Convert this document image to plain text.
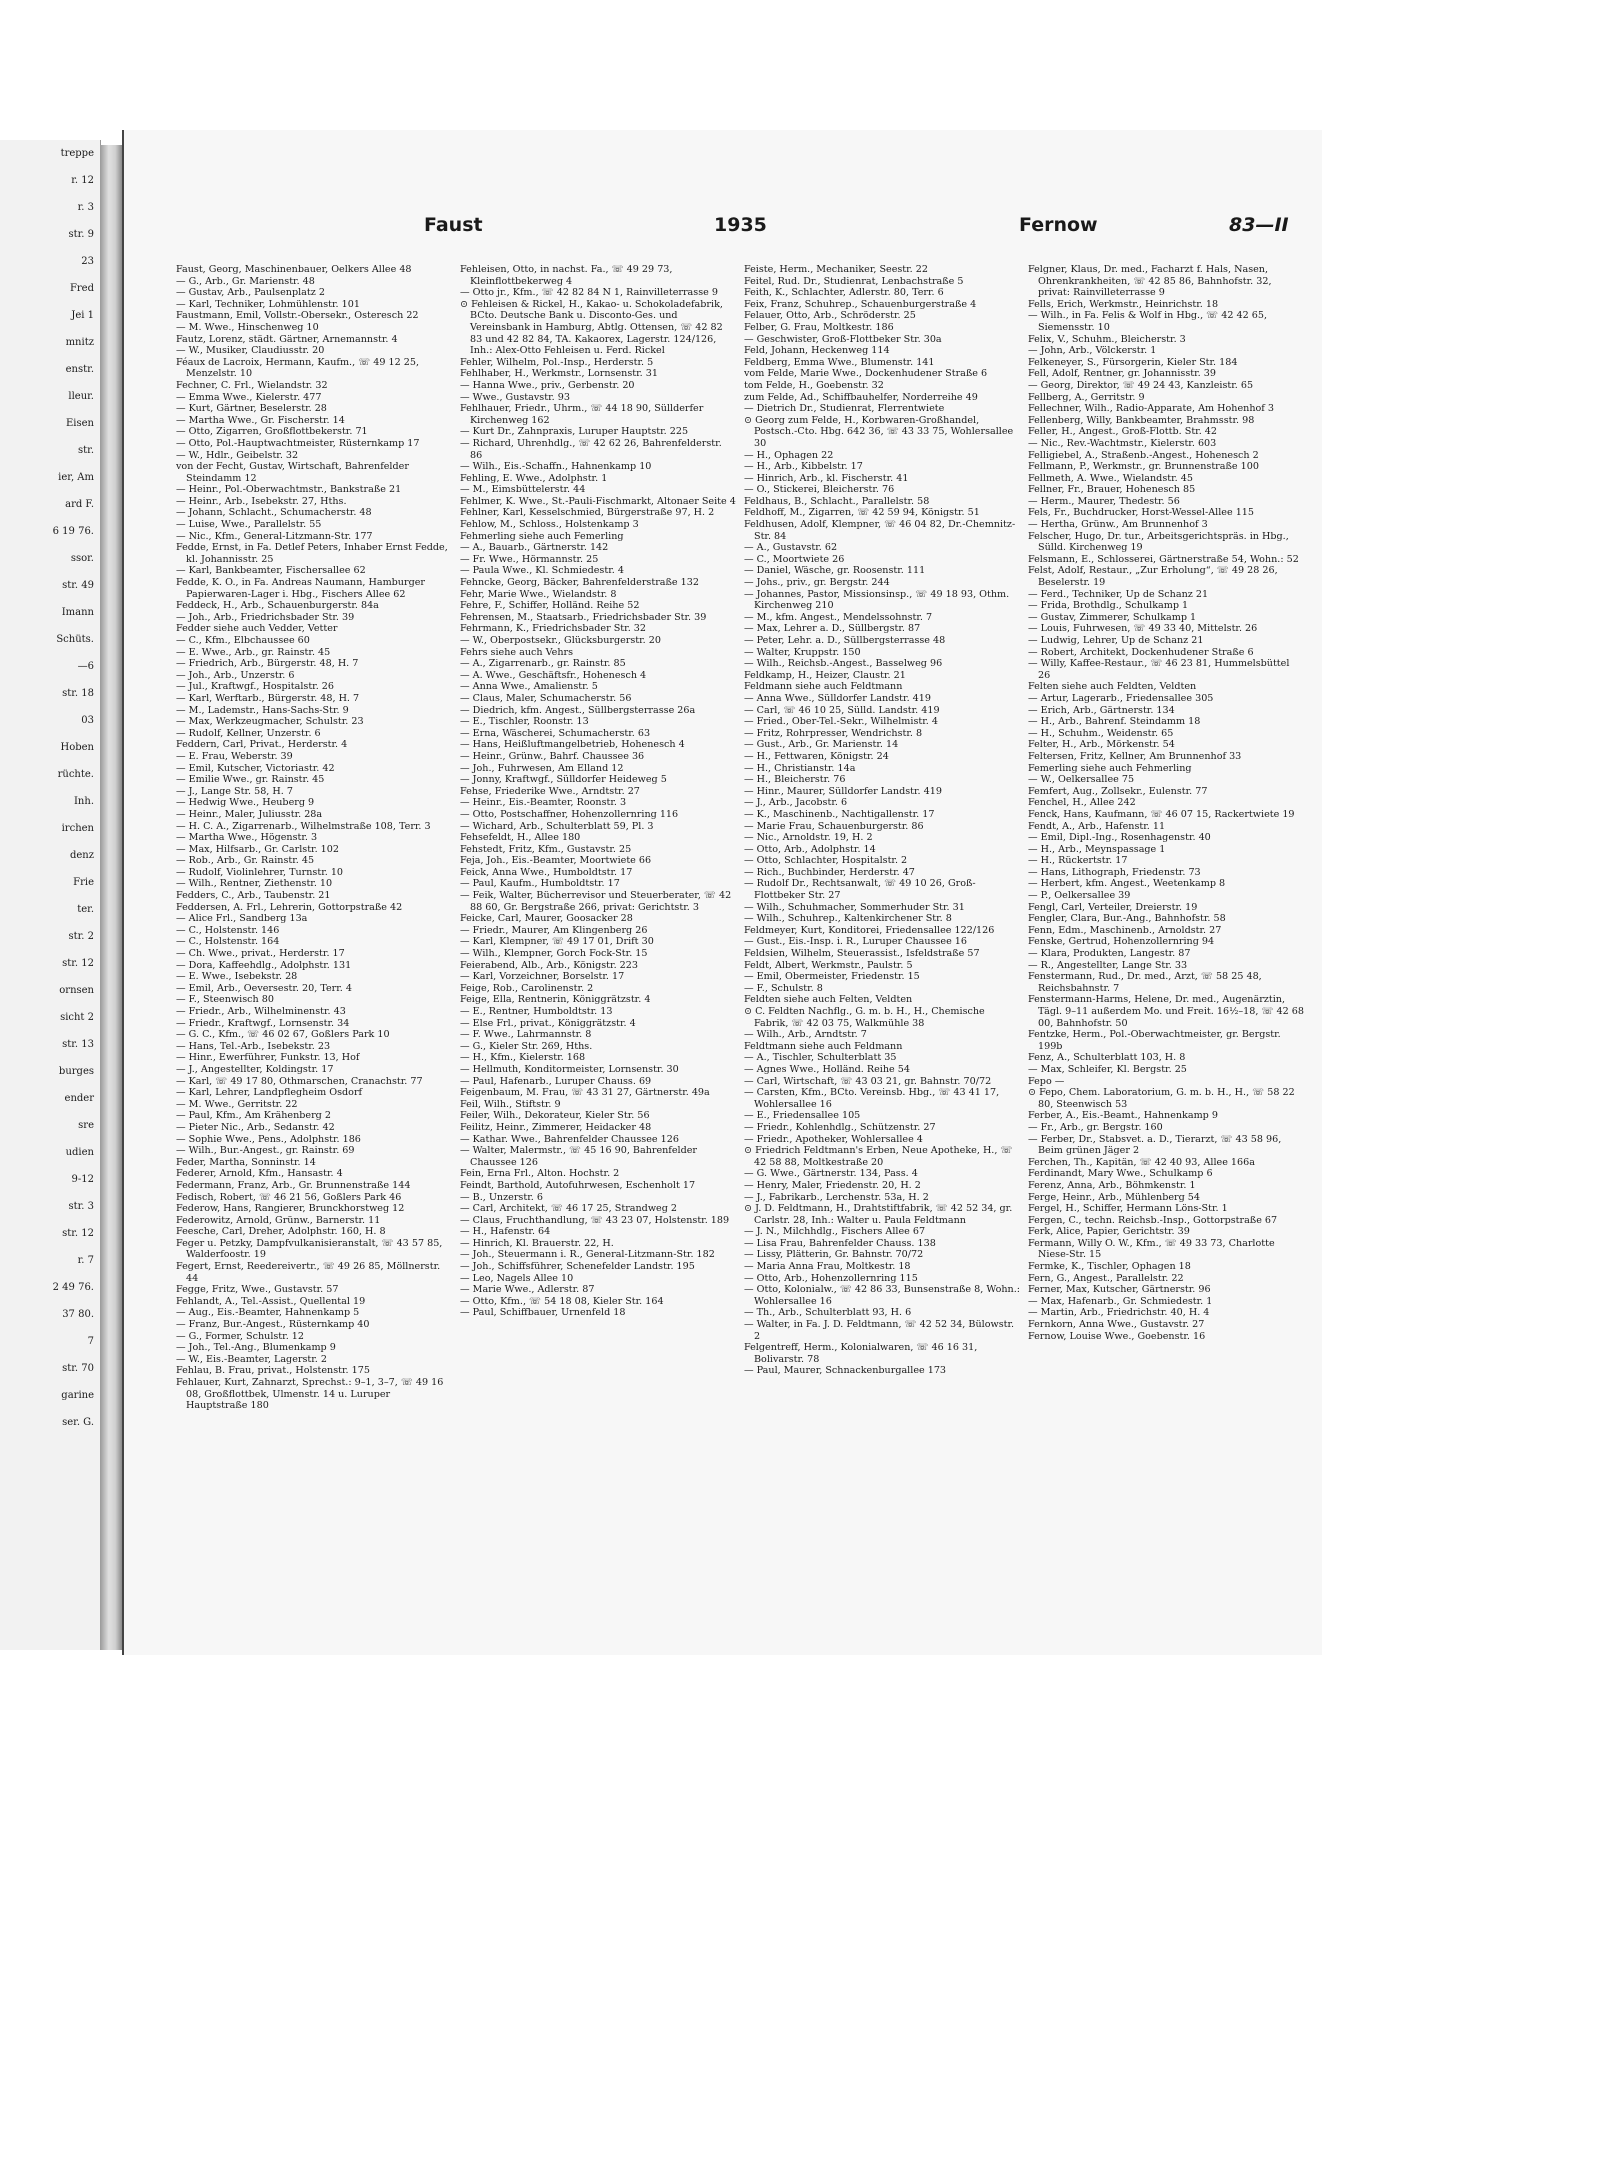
treppe
r. 12
r. 3
str. 9
23
Fred
Jei 1
mnitz
enstr.
lleur.
Eisen
str.
ier, Am
ard F.
6 19 76.
ssor.
str. 49
Imann
Schüts.
—6
str. 18
03
Hoben
rüchte.
Inh.
irchen
denz
Frie
ter.
str. 2
str. 12
ornsen
sicht 2
str. 13
burges
ender
sre
udien
9-12
str. 3
str. 12
r. 7
2 49 76.
37 80.
7
str. 70
garine
ser. G.
Faust	1935	Fernow	83—II

Faust, Georg, Maschinenbauer, Oelkers Allee 48

— G., Arb., Gr. Marienstr. 48

— Gustav, Arb., Paulsenplatz 2

— Karl, Techniker, Lohmühlenstr. 101

Faustmann, Emil, Vollstr.-Obersekr., Osteresch 22

— M. Wwe., Hinschenweg 10

Fautz, Lorenz, städt. Gärtner, Arnemannstr. 4

— W., Musiker, Claudiusstr. 20

Féaux de Lacroix, Hermann, Kaufm., ☏ 49 12 25, Menzelstr. 10

Fechner, C. Frl., Wielandstr. 32

— Emma Wwe., Kielerstr. 477

— Kurt, Gärtner, Beselerstr. 28

— Martha Wwe., Gr. Fischerstr. 14

— Otto, Zigarren, Großflottbekerstr. 71

— Otto, Pol.-Hauptwachtmeister, Rüsternkamp 17

— W., Hdlr., Geibelstr. 32

von der Fecht, Gustav, Wirtschaft, Bahrenfelder Steindamm 12

— Heinr., Pol.-Oberwachtmstr., Bankstraße 21

— Heinr., Arb., Isebekstr. 27, Hths.

— Johann, Schlacht., Schumacherstr. 48

— Luise, Wwe., Parallelstr. 55

— Nic., Kfm., General-Litzmann-Str. 177

Fedde, Ernst, in Fa. Detlef Peters, Inhaber Ernst Fedde, kl. Johannisstr. 25

— Karl, Bankbeamter, Fischersallee 62

Fedde, K. O., in Fa. Andreas Naumann, Hamburger Papierwaren-Lager i. Hbg., Fischers Allee 62

Feddeck, H., Arb., Schauenburgerstr. 84a

— Joh., Arb., Friedrichsbader Str. 39

Fedder siehe auch Vedder, Vetter

— C., Kfm., Elbchaussee 60

— E. Wwe., Arb., gr. Rainstr. 45

— Friedrich, Arb., Bürgerstr. 48, H. 7

— Joh., Arb., Unzerstr. 6

— Jul., Kraftwgf., Hospitalstr. 26

— Karl, Werftarb., Bürgerstr. 48, H. 7

— M., Lademstr., Hans-Sachs-Str. 9

— Max, Werkzeugmacher, Schulstr. 23

— Rudolf, Kellner, Unzerstr. 6

Feddern, Carl, Privat., Herderstr. 4

— E. Frau, Weberstr. 39

— Emil, Kutscher, Victoriastr. 42

— Emilie Wwe., gr. Rainstr. 45

— J., Lange Str. 58, H. 7

— Hedwig Wwe., Heuberg 9

— Heinr., Maler, Juliusstr. 28a

— H. C. A., Zigarrenarb., Wilhelmstraße 108, Terr. 3

— Martha Wwe., Högenstr. 3

— Max, Hilfsarb., Gr. Carlstr. 102

— Rob., Arb., Gr. Rainstr. 45

— Rudolf, Violinlehrer, Turnstr. 10

— Wilh., Rentner, Ziethenstr. 10

Fedders, C., Arb., Taubenstr. 21

Feddersen, A. Frl., Lehrerin, Gottorpstraße 42

— Alice Frl., Sandberg 13a

— C., Holstenstr. 146

— C., Holstenstr. 164

— Ch. Wwe., privat., Herderstr. 17

— Dora, Kaffeehdlg., Adolphstr. 131

— E. Wwe., Isebekstr. 28

— Emil, Arb., Oeversestr. 20, Terr. 4

— F., Steenwisch 80

— Friedr., Arb., Wilhelminenstr. 43

— Friedr., Kraftwgf., Lornsenstr. 34

— G. C., Kfm., ☏ 46 02 67, Goßlers Park 10

— Hans, Tel.-Arb., Isebekstr. 23

— Hinr., Ewerführer, Funkstr. 13, Hof

— J., Angestellter, Koldingstr. 17

— Karl, ☏ 49 17 80, Othmarschen, Cranachstr. 77

— Karl, Lehrer, Landpflegheim Osdorf

— M. Wwe., Gerritstr. 22

— Paul, Kfm., Am Krähenberg 2

— Pieter Nic., Arb., Sedanstr. 42

— Sophie Wwe., Pens., Adolphstr. 186

— Wilh., Bur.-Angest., gr. Rainstr. 69

Feder, Martha, Sonninstr. 14

Federer, Arnold, Kfm., Hansastr. 4

Federmann, Franz, Arb., Gr. Brunnenstraße 144

Fedisch, Robert, ☏ 46 21 56, Goßlers Park 46

Federow, Hans, Rangierer, Brunckhorstweg 12

Federowitz, Arnold, Grünw., Barnerstr. 11

Feesche, Carl, Dreher, Adolphstr. 160, H. 8

Feger u. Petzky, Dampfvulkanisieranstalt, ☏ 43 57 85, Walderfoostr. 19

Fegert, Ernst, Reedereivertr., ☏ 49 26 85, Möllnerstr. 44

Fegge, Fritz, Wwe., Gustavstr. 57

Fehlandt, A., Tel.-Assist., Quellental 19

— Aug., Eis.-Beamter, Hahnenkamp 5

— Franz, Bur.-Angest., Rüsternkamp 40

— G., Former, Schulstr. 12

— Joh., Tel.-Ang., Blumenkamp 9

— W., Eis.-Beamter, Lagerstr. 2

Fehlau, B. Frau, privat., Holstenstr. 175

Fehlauer, Kurt, Zahnarzt, Sprechst.: 9–1, 3–7, ☏ 49 16 08, Großflottbek, Ulmenstr. 14 u. Luruper Hauptstraße 180

Fehleisen, Otto, in nachst. Fa., ☏ 49 29 73, Kleinflottbekerweg 4

— Otto jr., Kfm., ☏ 42 82 84 N 1, Rainvilleterrasse 9

⊙ Fehleisen & Rickel, H., Kakao- u. Schokoladefabrik, BCto. Deutsche Bank u. Disconto-Ges. und Vereinsbank in Hamburg, Abtlg. Ottensen, ☏ 42 82 83 und 42 82 84, TA. Kakaorex, Lagerstr. 124/126, Inh.: Alex-Otto Fehleisen u. Ferd. Rickel

Fehler, Wilhelm, Pol.-Insp., Herderstr. 5

Fehlhaber, H., Werkmstr., Lornsenstr. 31

— Hanna Wwe., priv., Gerbenstr. 20

— Wwe., Gustavstr. 93

Fehlhauer, Friedr., Uhrm., ☏ 44 18 90, Süllderfer Kirchenweg 162

— Kurt Dr., Zahnpraxis, Luruper Hauptstr. 225

— Richard, Uhrenhdlg., ☏ 42 62 26, Bahrenfelderstr. 86

— Wilh., Eis.-Schaffn., Hahnenkamp 10

Fehling, E. Wwe., Adolphstr. 1

— M., Eimsbüttelerstr. 44

Fehlmer, K. Wwe., St.-Pauli-Fischmarkt, Altonaer Seite 4

Fehlner, Karl, Kesselschmied, Bürgerstraße 97, H. 2

Fehlow, M., Schloss., Holstenkamp 3

Fehmerling siehe auch Femerling

— A., Bauarb., Gärtnerstr. 142

— Fr. Wwe., Hörmannstr. 25

— Paula Wwe., Kl. Schmiedestr. 4

Fehncke, Georg, Bäcker, Bahrenfelderstraße 132

Fehr, Marie Wwe., Wielandstr. 8

Fehre, F., Schiffer, Holländ. Reihe 52

Fehrensen, M., Staatsarb., Friedrichsbader Str. 39

Fehrmann, K., Friedrichsbader Str. 32

— W., Oberpostsekr., Glücksburgerstr. 20

Fehrs siehe auch Vehrs

— A., Zigarrenarb., gr. Rainstr. 85

— A. Wwe., Geschäftsfr., Hohenesch 4

— Anna Wwe., Amalienstr. 5

— Claus, Maler, Schumacherstr. 56

— Diedrich, kfm. Angest., Süllbergsterrasse 26a

— E., Tischler, Roonstr. 13

— Erna, Wäscherei, Schumacherstr. 63

— Hans, Heißluftmangelbetrieb, Hohenesch 4

— Heinr., Grünw., Bahrf. Chaussee 36

— Joh., Fuhrwesen, Am Elland 12

— Jonny, Kraftwgf., Sülldorfer Heideweg 5

Fehse, Friederike Wwe., Arndtstr. 27

— Heinr., Eis.-Beamter, Roonstr. 3

— Otto, Postschaffner, Hohenzollernring 116

— Wichard, Arb., Schulterblatt 59, Pl. 3

Fehsefeldt, H., Allee 180

Fehstedt, Fritz, Kfm., Gustavstr. 25

Feja, Joh., Eis.-Beamter, Moortwiete 66

Feick, Anna Wwe., Humboldtstr. 17

— Paul, Kaufm., Humboldtstr. 17

— Feik, Walter, Bücherrevisor und Steuerberater, ☏ 42 88 60, Gr. Bergstraße 266, privat: Gerichtstr. 3

Feicke, Carl, Maurer, Goosacker 28

— Friedr., Maurer, Am Klingenberg 26

— Karl, Klempner, ☏ 49 17 01, Drift 30

— Wilh., Klempner, Gorch Fock-Str. 15

Feierabend, Alb., Arb., Königstr. 223

— Karl, Vorzeichner, Borselstr. 17

Feige, Rob., Carolinenstr. 2

Feige, Ella, Rentnerin, Königgrätzstr. 4

— E., Rentner, Humboldtstr. 13

— Else Frl., privat., Königgrätzstr. 4

— F. Wwe., Lahrmannstr. 8

— G., Kieler Str. 269, Hths.

— H., Kfm., Kielerstr. 168

— Hellmuth, Konditormeister, Lornsenstr. 30

— Paul, Hafenarb., Luruper Chauss. 69

Feigenbaum, M. Frau, ☏ 43 31 27, Gärtnerstr. 49a

Feil, Wilh., Stiftstr. 9

Feiler, Wilh., Dekorateur, Kieler Str. 56

Feilitz, Heinr., Zimmerer, Heidacker 48

— Kathar. Wwe., Bahrenfelder Chaussee 126

— Walter, Malermstr., ☏ 45 16 90, Bahrenfelder Chaussee 126

Fein, Erna Frl., Alton. Hochstr. 2

Feindt, Barthold, Autofuhrwesen, Eschenholt 17

— B., Unzerstr. 6

— Carl, Architekt, ☏ 46 17 25, Strandweg 2

— Claus, Fruchthandlung, ☏ 43 23 07, Holstenstr. 189

— H., Hafenstr. 64

— Hinrich, Kl. Brauerstr. 22, H.

— Joh., Steuermann i. R., General-Litzmann-Str. 182

— Joh., Schiffsführer, Schenefelder Landstr. 195

— Leo, Nagels Allee 10

— Marie Wwe., Adlerstr. 87

— Otto, Kfm., ☏ 54 18 08, Kieler Str. 164

— Paul, Schiffbauer, Urnenfeld 18

Feiste, Herm., Mechaniker, Seestr. 22

Feitel, Rud. Dr., Studienrat, Lenbachstraße 5

Feith, K., Schlachter, Adlerstr. 80, Terr. 6

Feix, Franz, Schuhrep., Schauenburgerstraße 4

Felauer, Otto, Arb., Schröderstr. 25

Felber, G. Frau, Moltkestr. 186

— Geschwister, Groß-Flottbeker Str. 30a

Feld, Johann, Heckenweg 114

Feldberg, Emma Wwe., Blumenstr. 141

vom Felde, Marie Wwe., Dockenhudener Straße 6

tom Felde, H., Goebenstr. 32

zum Felde, Ad., Schiffbauhelfer, Norderreihe 49

— Dietrich Dr., Studienrat, Flerrentwiete

⊙ Georg zum Felde, H., Korbwaren-Großhandel, Postsch.-Cto. Hbg. 642 36, ☏ 43 33 75, Wohlersallee 30

— H., Ophagen 22

— H., Arb., Kibbelstr. 17

— Hinrich, Arb., kl. Fischerstr. 41

— O., Stickerei, Bleicherstr. 76

Feldhaus, B., Schlacht., Parallelstr. 58

Feldhoff, M., Zigarren, ☏ 42 59 94, Königstr. 51

Feldhusen, Adolf, Klempner, ☏ 46 04 82, Dr.-Chemnitz-Str. 84

— A., Gustavstr. 62

— C., Moortwiete 26

— Daniel, Wäsche, gr. Roosenstr. 111

— Johs., priv., gr. Bergstr. 244

— Johannes, Pastor, Missionsinsp., ☏ 49 18 93, Othm. Kirchenweg 210

— M., kfm. Angest., Mendelssohnstr. 7

— Max, Lehrer a. D., Süllbergstr. 87

— Peter, Lehr. a. D., Süllbergsterrasse 48

— Walter, Kruppstr. 150

— Wilh., Reichsb.-Angest., Basselweg 96

Feldkamp, H., Heizer, Claustr. 21

Feldmann siehe auch Feldtmann

— Anna Wwe., Sülldorfer Landstr. 419

— Carl, ☏ 46 10 25, Sülld. Landstr. 419

— Fried., Ober-Tel.-Sekr., Wilhelmistr. 4

— Fritz, Rohrpresser, Wendrichstr. 8

— Gust., Arb., Gr. Marienstr. 14

— H., Fettwaren, Königstr. 24

— H., Christianstr. 14a

— H., Bleicherstr. 76

— Hinr., Maurer, Sülldorfer Landstr. 419

— J., Arb., Jacobstr. 6

— K., Maschinenb., Nachtigallenstr. 17

— Marie Frau, Schauenburgerstr. 86

— Nic., Arnoldstr. 19, H. 2

— Otto, Arb., Adolphstr. 14

— Otto, Schlachter, Hospitalstr. 2

— Rich., Buchbinder, Herderstr. 47

— Rudolf Dr., Rechtsanwalt, ☏ 49 10 26, Groß-Flottbeker Str. 27

— Wilh., Schuhmacher, Sommerhuder Str. 31

— Wilh., Schuhrep., Kaltenkirchener Str. 8

Feldmeyer, Kurt, Konditorei, Friedensallee 122/126

— Gust., Eis.-Insp. i. R., Luruper Chaussee 16

Feldsien, Wilhelm, Steuerassist., Isfeldstraße 57

Feldt, Albert, Werkmstr., Paulstr. 5

— Emil, Obermeister, Friedenstr. 15

— F., Schulstr. 8

Feldten siehe auch Felten, Veldten

⊙ C. Feldten Nachflg., G. m. b. H., H., Chemische Fabrik, ☏ 42 03 75, Walkmühle 38

— Wilh., Arb., Arndtstr. 7

Feldtmann siehe auch Feldmann

— A., Tischler, Schulterblatt 35

— Agnes Wwe., Holländ. Reihe 54

— Carl, Wirtschaft, ☏ 43 03 21, gr. Bahnstr. 70/72

— Carsten, Kfm., BCto. Vereinsb. Hbg., ☏ 43 41 17, Wohlersallee 16

— E., Friedensallee 105

— Friedr., Kohlenhdlg., Schützenstr. 27

— Friedr., Apotheker, Wohlersallee 4

⊙ Friedrich Feldtmann's Erben, Neue Apotheke, H., ☏ 42 58 88, Moltkestraße 20

— G. Wwe., Gärtnerstr. 134, Pass. 4

— Henry, Maler, Friedenstr. 20, H. 2

— J., Fabrikarb., Lerchenstr. 53a, H. 2

⊙ J. D. Feldtmann, H., Drahtstiftfabrik, ☏ 42 52 34, gr. Carlstr. 28, Inh.: Walter u. Paula Feldtmann

— J. N., Milchhdlg., Fischers Allee 67

— Lisa Frau, Bahrenfelder Chauss. 138

— Lissy, Plätterin, Gr. Bahnstr. 70/72

— Maria Anna Frau, Moltkestr. 18

— Otto, Arb., Hohenzollernring 115

— Otto, Kolonialw., ☏ 42 86 33, Bunsenstraße 8, Wohn.: Wohlersallee 16

— Th., Arb., Schulterblatt 93, H. 6

— Walter, in Fa. J. D. Feldtmann, ☏ 42 52 34, Bülowstr. 2

Felgentreff, Herm., Kolonialwaren, ☏ 46 16 31, Bolivarstr. 78

— Paul, Maurer, Schnackenburgallee 173

Felgner, Klaus, Dr. med., Facharzt f. Hals, Nasen, Ohrenkrankheiten, ☏ 42 85 86, Bahnhofstr. 32, privat: Rainvilleterrasse 9

Fells, Erich, Werkmstr., Heinrichstr. 18

— Wilh., in Fa. Felis & Wolf in Hbg., ☏ 42 42 65, Siemensstr. 10

Felix, V., Schuhm., Bleicherstr. 3

— John, Arb., Völckerstr. 1

Felkeneyer, S., Fürsorgerin, Kieler Str. 184

Fell, Adolf, Rentner, gr. Johannisstr. 39

— Georg, Direktor, ☏ 49 24 43, Kanzleistr. 65

Fellberg, A., Gerritstr. 9

Fellechner, Wilh., Radio-Apparate, Am Hohenhof 3

Fellenberg, Willy, Bankbeamter, Brahmsstr. 98

Feller, H., Angest., Groß-Flottb. Str. 42

— Nic., Rev.-Wachtmstr., Kielerstr. 603

Felligiebel, A., Straßenb.-Angest., Hohenesch 2

Fellmann, P., Werkmstr., gr. Brunnenstraße 100

Fellmeth, A. Wwe., Wielandstr. 45

Fellner, Fr., Brauer, Hohenesch 85

— Herm., Maurer, Thedestr. 56

Fels, Fr., Buchdrucker, Horst-Wessel-Allee 115

— Hertha, Grünw., Am Brunnenhof 3

Felscher, Hugo, Dr. tur., Arbeitsgerichtspräs. in Hbg., Sülld. Kirchenweg 19

Felsmann, E., Schlosserei, Gärtnerstraße 54, Wohn.: 52

Felst, Adolf, Restaur., „Zur Erholung“, ☏ 49 28 26, Beselerstr. 19

— Ferd., Techniker, Up de Schanz 21

— Frida, Brothdlg., Schulkamp 1

— Gustav, Zimmerer, Schulkamp 1

— Louis, Fuhrwesen, ☏ 49 33 40, Mittelstr. 26

— Ludwig, Lehrer, Up de Schanz 21

— Robert, Architekt, Dockenhudener Straße 6

— Willy, Kaffee-Restaur., ☏ 46 23 81, Hummelsbüttel 26

Felten siehe auch Feldten, Veldten

— Artur, Lagerarb., Friedensallee 305

— Erich, Arb., Gärtnerstr. 134

— H., Arb., Bahrenf. Steindamm 18

— H., Schuhm., Weidenstr. 65

Felter, H., Arb., Mörkenstr. 54

Feltersen, Fritz, Kellner, Am Brunnenhof 33

Femerling siehe auch Fehmerling

— W., Oelkersallee 75

Femfert, Aug., Zollsekr., Eulenstr. 77

Fenchel, H., Allee 242

Fenck, Hans, Kaufmann, ☏ 46 07 15, Rackertwiete 19

Fendt, A., Arb., Hafenstr. 11

— Emil, Dipl.-Ing., Rosenhagenstr. 40

— H., Arb., Meynspassage 1

— H., Rückertstr. 17

— Hans, Lithograph, Friedenstr. 73

— Herbert, kfm. Angest., Weetenkamp 8

— P., Oelkersallee 39

Fengl, Carl, Verteiler, Dreierstr. 19

Fengler, Clara, Bur.-Ang., Bahnhofstr. 58

Fenn, Edm., Maschinenb., Arnoldstr. 27

Fenske, Gertrud, Hohenzollernring 94

— Klara, Produkten, Langestr. 87

— R., Angestellter, Lange Str. 33

Fenstermann, Rud., Dr. med., Arzt, ☏ 58 25 48, Reichsbahnstr. 7

Fenstermann-Harms, Helene, Dr. med., Augenärztin, Tägl. 9–11 außerdem Mo. und Freit. 16½–18, ☏ 42 68 00, Bahnhofstr. 50

Fentzke, Herm., Pol.-Oberwachtmeister, gr. Bergstr. 199b

Fenz, A., Schulterblatt 103, H. 8

— Max, Schleifer, Kl. Bergstr. 25

Fepo —

⊙ Fepo, Chem. Laboratorium, G. m. b. H., H., ☏ 58 22 80, Steenwisch 53

Ferber, A., Eis.-Beamt., Hahnenkamp 9

— Fr., Arb., gr. Bergstr. 160

— Ferber, Dr., Stabsvet. a. D., Tierarzt, ☏ 43 58 96, Beim grünen Jäger 2

Ferchen, Th., Kapitän, ☏ 42 40 93, Allee 166a

Ferdinandt, Mary Wwe., Schulkamp 6

Ferenz, Anna, Arb., Böhmkenstr. 1

Ferge, Heinr., Arb., Mühlenberg 54

Fergel, H., Schiffer, Hermann Löns-Str. 1

Fergen, C., techn. Reichsb.-Insp., Gottorpstraße 67

Ferk, Alice, Papier, Gerichtstr. 39

Fermann, Willy O. W., Kfm., ☏ 49 33 73, Charlotte Niese-Str. 15

Fermke, K., Tischler, Ophagen 18

Fern, G., Angest., Parallelstr. 22

Ferner, Max, Kutscher, Gärtnerstr. 96

— Max, Hafenarb., Gr. Schmiedestr. 1

— Martin, Arb., Friedrichstr. 40, H. 4

Fernkorn, Anna Wwe., Gustavstr. 27

Fernow, Louise Wwe., Goebenstr. 16
